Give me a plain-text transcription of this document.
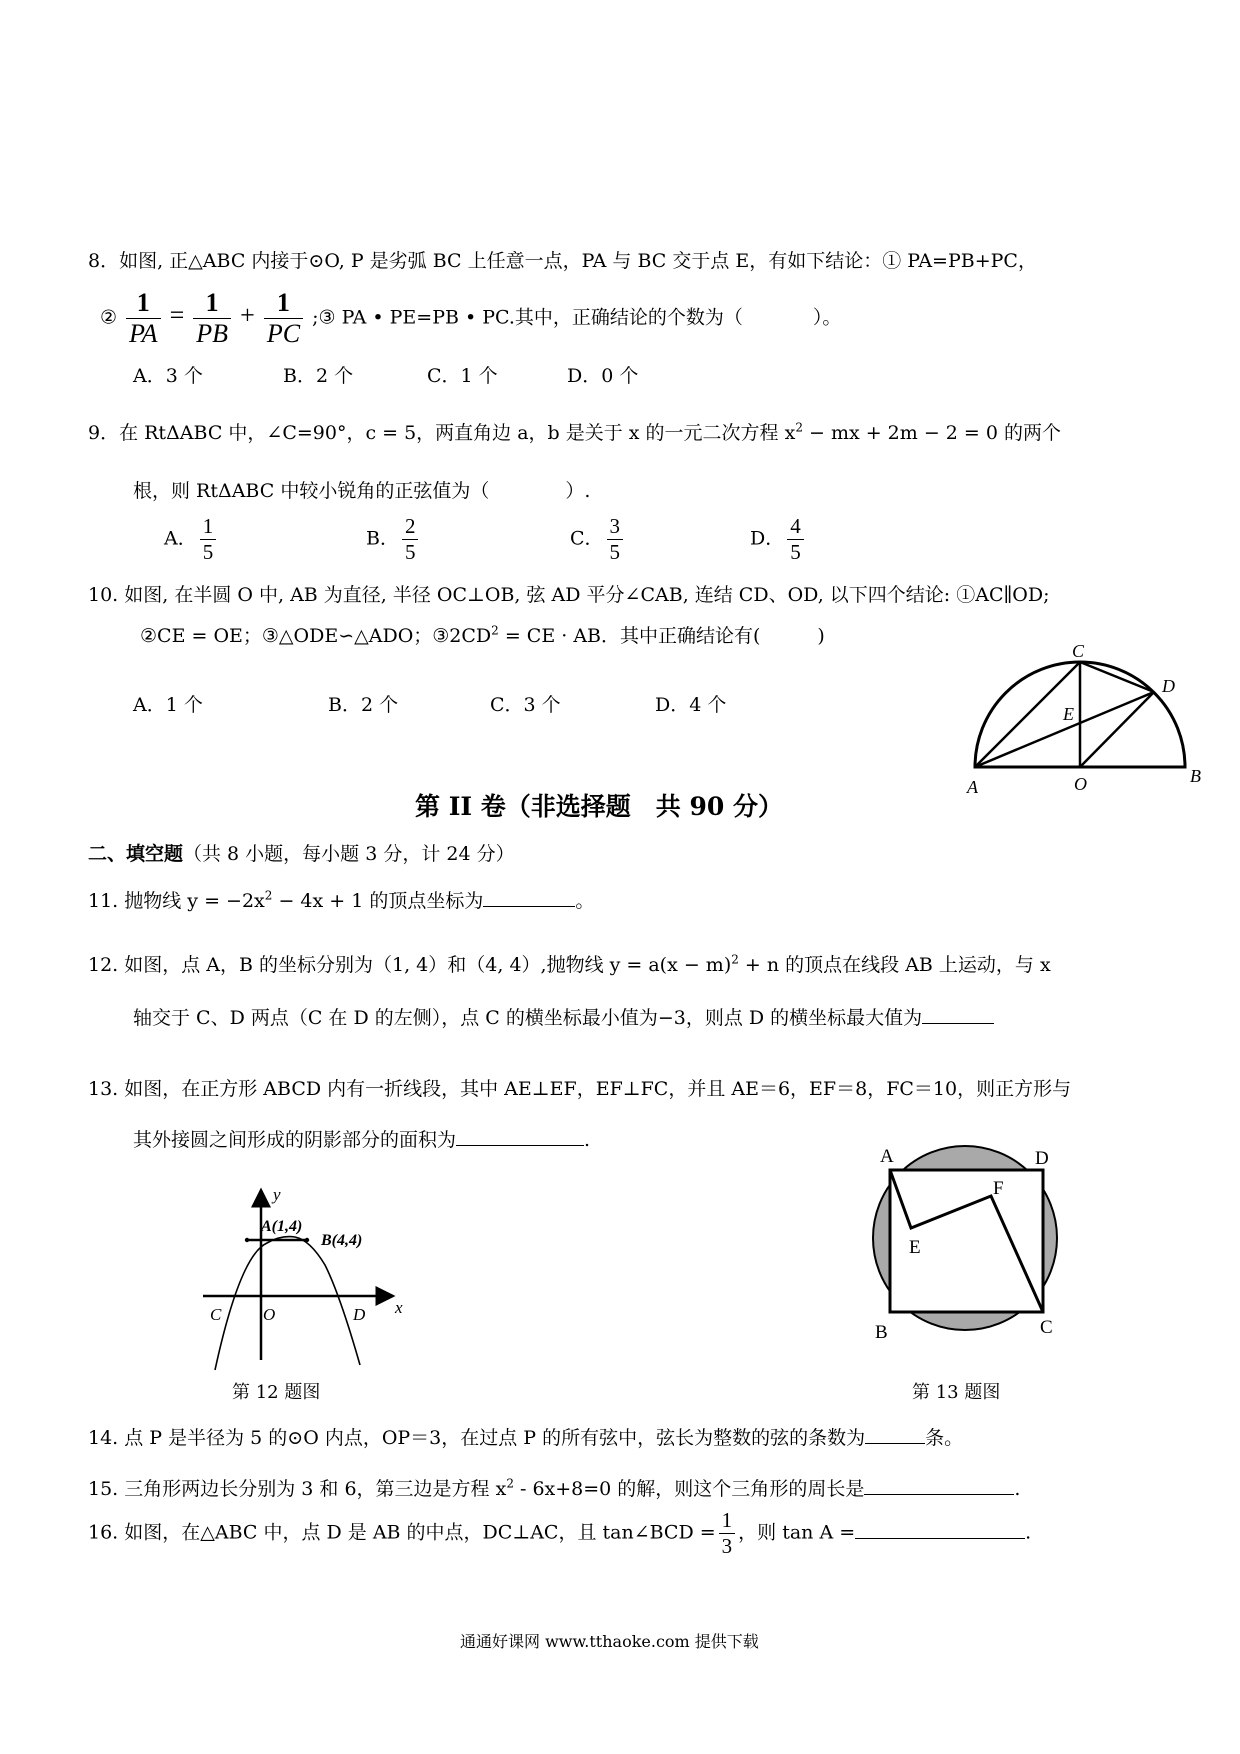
8．如图, 正△ABC 内接于⊙O, P 是劣弧 BC 上任意一点，PA 与 BC 交于点 E，有如下结论：① PA=PB+PC，
② $\frac{1}{PA} = \frac{1}{PB} + \frac{1}{PC}$ ;③ PA • PE=PB • PC.其中，正确结论的个数为（	）。
A．3 个	B．2 个	C．1 个	D．0 个
9．在 RtΔABC 中，∠C=90°，c = 5，两直角边 a，b 是关于 x 的一元二次方程 $x^2$ − mx + 2m − 2 = 0 的两个
根，则 RtΔABC 中较小锐角的正弦值为（　　　　）.
A． $\frac{1}{5}$	B． $\frac{2}{5}$	C． $\frac{3}{5}$	D． $\frac{4}{5}$
10. 如图, 在半圆 O 中, AB 为直径, 半径 OC⊥OB, 弦 AD 平分∠CAB, 连结 CD、OD, 以下四个结论: ①AC∥OD;
②CE = OE；③△ODE∽△ADO；$③2CD^2$ = CE · AB．其中正确结论有(　　　)
A．1 个	B．2 个	C．3 个	D．4 个
C
D
E
A	O	B
第 II 卷（非选择题　共 90 分）
二、填空题（共 8 小题，每小题 3 分，计 24 分）
11. 抛物线 $y = -2x^2 - 4x + 1$ 的顶点坐标为	。
12. 如图，点 A，B 的坐标分别为（1, 4）和（4, 4）,抛物线 $y = a(x - m)^2 + n$ 的顶点在线段 AB 上运动，与 x
轴交于 C、D 两点（C 在 D 的左侧），点 C 的横坐标最小值为−3，则点 D 的横坐标最大值为
13. 如图，在正方形 ABCD 内有一折线段，其中 AE⊥EF，EF⊥FC，并且 AE＝6，EF＝8，FC＝10，则正方形与
其外接圆之间形成的阴影部分的面积为	.
y
x
A(1,4)
B(4,4)
C O	D
第 12 题图
A	D
E
F
B	C
第 13 题图
14. 点 P 是半径为 5 的⊙O 内点，OP＝3，在过点 P 的所有弦中，弦长为整数的弦的条数为	条。
15. 三角形两边长分别为 3 和 6，第三边是方程 $x^2 - 6x+8=0$ 的解，则这个三角形的周长是	.
16. 如图，在△ABC 中，点 D 是 AB 的中点，DC⊥AC，且 tan∠BCD = $\frac{1}{3}$ ，则 tan A =	.
通通好课网 www.tthaoke.com 提供下载
